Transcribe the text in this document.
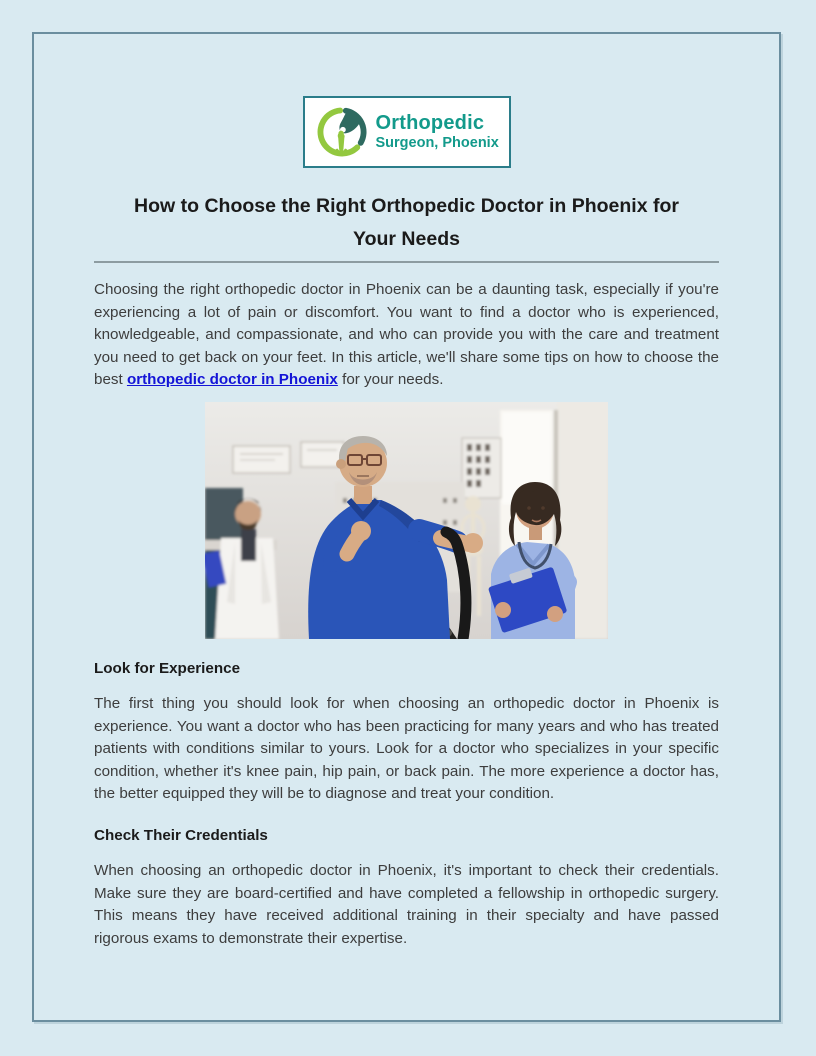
Orthopedic
Surgeon, Phoenix
How to Choose the Right Orthopedic Doctor in Phoenix for
Your Needs

Choosing the right orthopedic doctor in Phoenix can be a daunting task, especially if you're experiencing a lot of pain or discomfort. You want to find a doctor who is experienced, knowledgeable, and compassionate, and who can provide you with the care and treatment you need to get back on your feet. In this article, we'll share some tips on how to choose the best orthopedic doctor in Phoenix for your needs.

Look for Experience

The first thing you should look for when choosing an orthopedic doctor in Phoenix is experience. You want a doctor who has been practicing for many years and who has treated patients with conditions similar to yours. Look for a doctor who specializes in your specific condition, whether it's knee pain, hip pain, or back pain. The more experience a doctor has, the better equipped they will be to diagnose and treat your condition.

Check Their Credentials

When choosing an orthopedic doctor in Phoenix, it's important to check their credentials. Make sure they are board-certified and have completed a fellowship in orthopedic surgery. This means they have received additional training in their specialty and have passed rigorous exams to demonstrate their expertise.
